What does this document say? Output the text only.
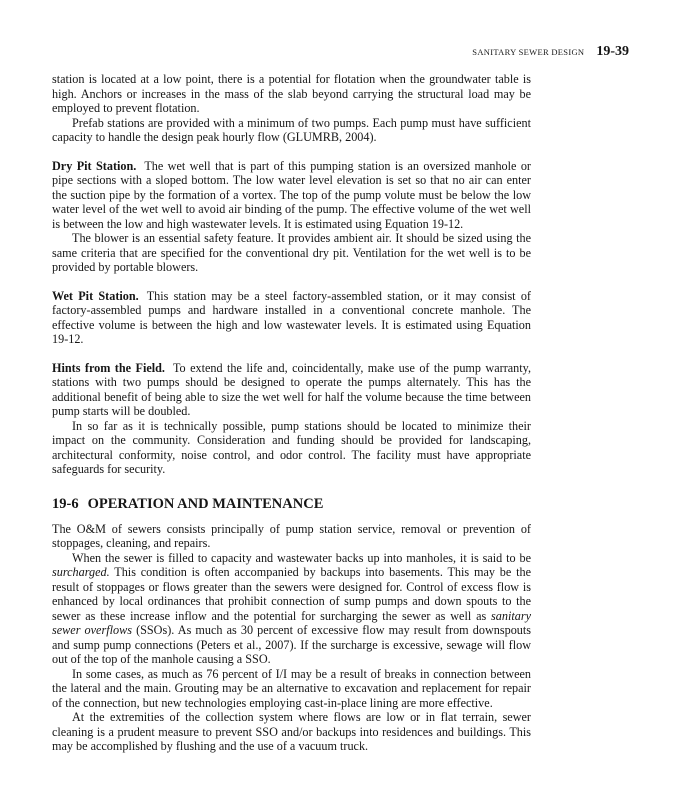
SANITARY SEWER DESIGN 19-39

station is located at a low point, there is a potential for flotation when the groundwater table is high. Anchors or increases in the mass of the slab beyond carrying the structural load may be employed to prevent flotation.

Prefab stations are provided with a minimum of two pumps. Each pump must have sufficient capacity to handle the design peak hourly flow (GLUMRB, 2004).

Dry Pit Station. The wet well that is part of this pumping station is an oversized manhole or pipe sections with a sloped bottom. The low water level elevation is set so that no air can enter the suction pipe by the formation of a vortex. The top of the pump volute must be below the low water level of the wet well to avoid air binding of the pump. The effective volume of the wet well is between the low and high wastewater levels. It is estimated using Equation 19-12.

The blower is an essential safety feature. It provides ambient air. It should be sized using the same criteria that are specified for the conventional dry pit. Ventilation for the wet well is to be provided by portable blowers.

Wet Pit Station. This station may be a steel factory-assembled station, or it may consist of factory-assembled pumps and hardware installed in a conventional concrete manhole. The effective volume is between the high and low wastewater levels. It is estimated using Equation 19-12.

Hints from the Field. To extend the life and, coincidentally, make use of the pump warranty, stations with two pumps should be designed to operate the pumps alternately. This has the additional benefit of being able to size the wet well for half the volume because the time between pump starts will be doubled.

In so far as it is technically possible, pump stations should be located to minimize their impact on the community. Consideration and funding should be provided for landscaping, architectural conformity, noise control, and odor control. The facility must have appropriate safeguards for security.

19-6 OPERATION AND MAINTENANCE

The O&M of sewers consists principally of pump station service, removal or prevention of stoppages, cleaning, and repairs.

When the sewer is filled to capacity and wastewater backs up into manholes, it is said to be surcharged. This condition is often accompanied by backups into basements. This may be the result of stoppages or flows greater than the sewers were designed for. Control of excess flow is enhanced by local ordinances that prohibit connection of sump pumps and down spouts to the sewer as these increase inflow and the potential for surcharging the sewer as well as sanitary sewer overflows (SSOs). As much as 30 percent of excessive flow may result from downspouts and sump pump connections (Peters et al., 2007). If the surcharge is excessive, sewage will flow out of the top of the manhole causing a SSO.

In some cases, as much as 76 percent of I/I may be a result of breaks in connection between the lateral and the main. Grouting may be an alternative to excavation and replacement for repair of the connection, but new technologies employing cast-in-place lining are more effective.

At the extremities of the collection system where flows are low or in flat terrain, sewer cleaning is a prudent measure to prevent SSO and/or backups into residences and buildings. This may be accomplished by flushing and the use of a vacuum truck.
